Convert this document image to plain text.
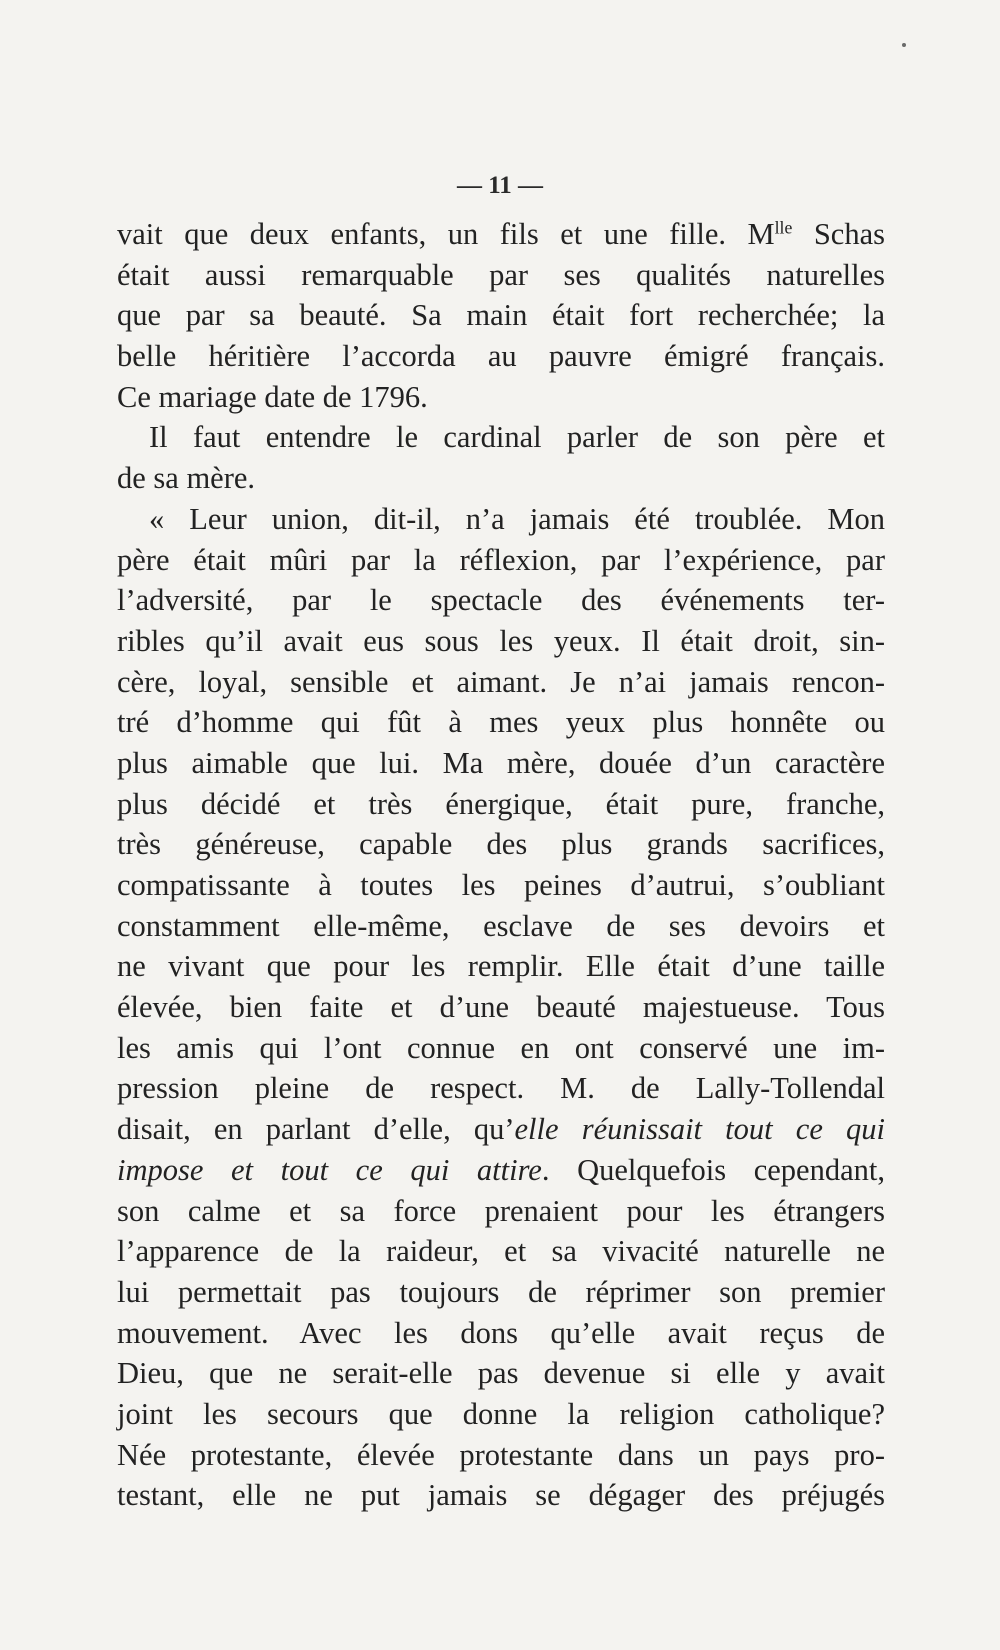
— 11 —
vait que deux enfants, un fils et une fille. $M^{lle}$ Schas
était aussi remarquable par ses qualités naturelles
que par sa beauté. Sa main était fort recherchée; la
belle héritière l’accorda au pauvre émigré français.
Ce mariage date de 1796.
Il faut entendre le cardinal parler de son père et
de sa mère.
« Leur union, dit-il, n’a jamais été troublée. Mon
père était mûri par la réflexion, par l’expérience, par
l’adversité, par le spectacle des événements ter-
ribles qu’il avait eus sous les yeux. Il était droit, sin-
cère, loyal, sensible et aimant. Je n’ai jamais rencon-
tré d’homme qui fût à mes yeux plus honnête ou
plus aimable que lui. Ma mère, douée d’un caractère
plus décidé et très énergique, était pure, franche,
très généreuse, capable des plus grands sacrifices,
compatissante à toutes les peines d’autrui, s’oubliant
constamment elle-même, esclave de ses devoirs et
ne vivant que pour les remplir. Elle était d’une taille
élevée, bien faite et d’une beauté majestueuse. Tous
les amis qui l’ont connue en ont conservé une im-
pression pleine de respect. M. de Lally-Tollendal
disait, en parlant d’elle, qu’elle réunissait tout ce qui
impose et tout ce qui attire. Quelquefois cependant,
son calme et sa force prenaient pour les étrangers
l’apparence de la raideur, et sa vivacité naturelle ne
lui permettait pas toujours de réprimer son premier
mouvement. Avec les dons qu’elle avait reçus de
Dieu, que ne serait-elle pas devenue si elle y avait
joint les secours que donne la religion catholique?
Née protestante, élevée protestante dans un pays pro-
testant, elle ne put jamais se dégager des préjugés
